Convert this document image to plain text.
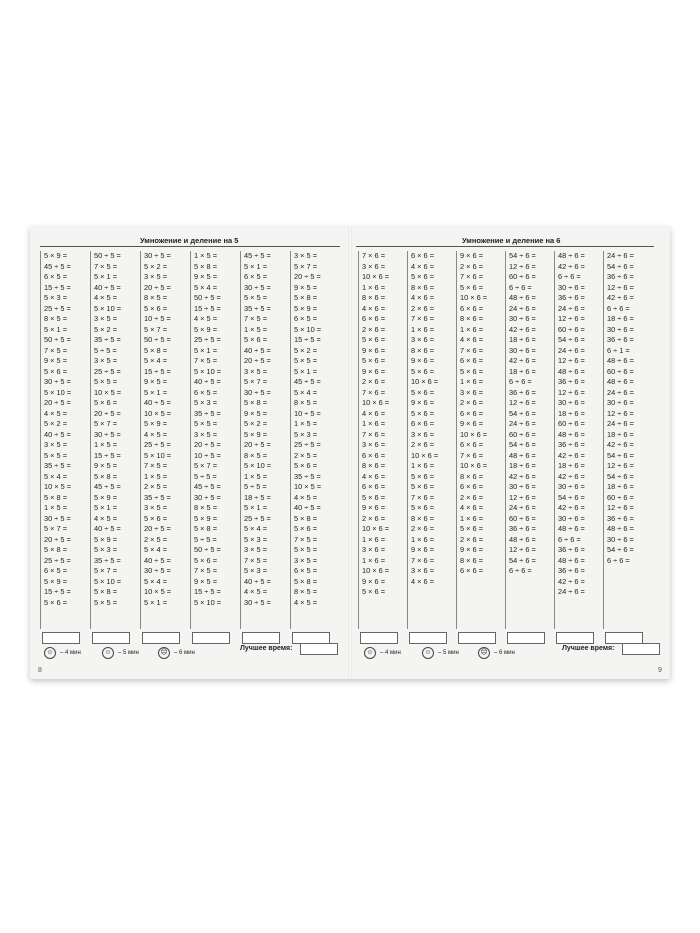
Умножение и деление на 5
5 × 9 =
45 ÷ 5 =
6 × 5 =
15 ÷ 5 =
5 × 3 =
25 ÷ 5 =
8 × 5 =
5 × 1 =
50 ÷ 5 =
7 × 5 =
9 × 5 =
5 × 6 =
30 ÷ 5 =
5 × 10 =
20 ÷ 5 =
4 × 5 =
5 × 2 =
40 ÷ 5 =
3 × 5 =
5 × 5 =
35 ÷ 5 =
5 × 4 =
10 × 5 =
5 × 8 =
1 × 5 =
30 ÷ 5 =
5 × 7 =
20 ÷ 5 =
5 × 8 =
25 ÷ 5 =
6 × 5 =
5 × 9 =
15 ÷ 5 =
5 × 6 =
50 ÷ 5 =
7 × 5 =
5 × 1 =
40 ÷ 5 =
4 × 5 =
5 × 10 =
3 × 5 =
5 × 2 =
35 ÷ 5 =
5 ÷ 5 =
3 × 5 =
25 ÷ 5 =
5 × 5 =
10 × 5 =
5 × 6 =
20 ÷ 5 =
5 × 7 =
30 ÷ 5 =
1 × 5 =
15 ÷ 5 =
9 × 5 =
5 × 8 =
45 ÷ 5 =
5 × 9 =
5 × 1 =
4 × 5 =
40 ÷ 5 =
5 × 9 =
5 × 3 =
35 ÷ 5 =
5 × 7 =
5 × 10 =
5 × 8 =
5 × 5 =
30 ÷ 5 =
5 × 2 =
3 × 5 =
20 ÷ 5 =
8 × 5 =
5 × 6 =
10 ÷ 5 =
5 × 7 =
50 ÷ 5 =
5 × 8 =
5 × 4 =
15 ÷ 5 =
9 × 5 =
5 × 1 =
40 ÷ 5 =
10 × 5 =
5 × 9 =
4 × 5 =
25 ÷ 5 =
5 × 10 =
7 × 5 =
1 × 5 =
2 × 5 =
35 ÷ 5 =
3 × 5 =
5 × 6 =
20 ÷ 5 =
2 × 5 =
5 × 4 =
40 ÷ 5 =
30 ÷ 5 =
5 × 4 =
10 × 5 =
5 × 1 =
1 × 5 =
5 × 8 =
9 × 5 =
5 × 4 =
50 ÷ 5 =
15 ÷ 5 =
4 × 5 =
5 × 9 =
25 ÷ 5 =
5 × 1 =
7 × 5 =
5 × 10 =
40 ÷ 5 =
6 × 5 =
5 × 3 =
35 ÷ 5 =
5 × 5 =
3 × 5 =
20 ÷ 5 =
10 ÷ 5 =
5 × 7 =
5 ÷ 5 =
45 ÷ 5 =
30 ÷ 5 =
8 × 5 =
5 × 9 =
5 × 8 =
5 ÷ 5 =
50 ÷ 5 =
5 × 6 =
7 × 5 =
9 × 5 =
15 ÷ 5 =
5 × 10 =
45 ÷ 5 =
5 × 1 =
6 × 5 =
30 ÷ 5 =
5 × 5 =
35 ÷ 5 =
7 × 5 =
1 × 5 =
5 × 6 =
40 ÷ 5 =
20 ÷ 5 =
3 × 5 =
5 × 7 =
30 ÷ 5 =
5 × 8 =
9 × 5 =
5 × 2 =
5 × 9 =
20 ÷ 5 =
8 × 5 =
5 × 10 =
1 × 5 =
5 ÷ 5 =
18 ÷ 5 =
5 × 1 =
25 ÷ 5 =
5 × 4 =
5 × 3 =
3 × 5 =
7 × 5 =
5 × 3 =
40 ÷ 5 =
4 × 5 =
30 ÷ 5 =
3 × 5 =
5 × 7 =
20 ÷ 5 =
9 × 5 =
5 × 8 =
5 × 9 =
6 × 5 =
5 × 10 =
15 ÷ 5 =
5 × 2 =
5 × 5 =
5 × 1 =
45 ÷ 5 =
5 × 4 =
8 × 5 =
10 ÷ 5 =
1 × 5 =
5 × 3 =
25 ÷ 5 =
2 × 5 =
5 × 6 =
35 ÷ 5 =
10 × 5 =
4 × 5 =
40 ÷ 5 =
5 × 8 =
5 × 6 =
7 × 5 =
5 × 5 =
3 × 5 =
6 × 5 =
5 × 8 =
8 × 5 =
4 × 5 =
☺	– 4 мин	☺	– 5 мин	☹	– 6 мин
Лучшее время:
8
Умножение и деление на 6
7 × 6 =
3 × 6 =
10 × 6 =
1 × 6 =
8 × 6 =
4 × 6 =
6 × 6 =
2 × 6 =
5 × 6 =
9 × 6 =
5 × 6 =
9 × 6 =
2 × 6 =
7 × 6 =
10 × 6 =
4 × 6 =
1 × 6 =
7 × 6 =
3 × 6 =
6 × 6 =
8 × 6 =
4 × 6 =
6 × 6 =
5 × 6 =
9 × 6 =
2 × 6 =
10 × 6 =
1 × 6 =
3 × 6 =
1 × 6 =
10 × 6 =
9 × 6 =
5 × 6 =
6 × 6 =
4 × 6 =
5 × 6 =
8 × 6 =
4 × 6 =
2 × 6 =
7 × 6 =
1 × 6 =
3 × 6 =
8 × 6 =
9 × 6 =
5 × 6 =
10 × 6 =
5 × 6 =
9 × 6 =
5 × 6 =
6 × 6 =
3 × 6 =
2 × 6 =
10 × 6 =
1 × 6 =
5 × 6 =
5 × 6 =
7 × 6 =
5 × 6 =
8 × 6 =
2 × 6 =
1 × 6 =
9 × 6 =
7 × 6 =
3 × 6 =
4 × 6 =
9 × 6 =
2 × 6 =
7 × 6 =
5 × 6 =
10 × 6 =
6 × 6 =
8 × 6 =
1 × 6 =
4 × 6 =
7 × 6 =
6 × 6 =
5 × 6 =
1 × 6 =
3 × 6 =
2 × 6 =
6 × 6 =
9 × 6 =
10 × 6 =
6 × 6 =
7 × 6 =
10 × 6 =
8 × 6 =
6 × 6 =
2 × 6 =
4 × 6 =
1 × 6 =
5 × 6 =
2 × 6 =
9 × 6 =
8 × 6 =
6 × 6 =
54 ÷ 6 =
12 ÷ 6 =
60 ÷ 6 =
6 ÷ 6 =
48 ÷ 6 =
24 ÷ 6 =
30 ÷ 6 =
42 ÷ 6 =
18 ÷ 6 =
30 ÷ 6 =
42 ÷ 6 =
18 ÷ 6 =
6 ÷ 6 =
36 ÷ 6 =
12 ÷ 6 =
54 ÷ 6 =
24 ÷ 6 =
60 ÷ 6 =
54 ÷ 6 =
48 ÷ 6 =
18 ÷ 6 =
42 ÷ 6 =
30 ÷ 6 =
12 ÷ 6 =
24 ÷ 6 =
60 ÷ 6 =
36 ÷ 6 =
48 ÷ 6 =
12 ÷ 6 =
54 ÷ 6 =
6 ÷ 6 =
48 ÷ 6 =
42 ÷ 6 =
6 ÷ 6 =
30 ÷ 6 =
36 ÷ 6 =
24 ÷ 6 =
12 ÷ 6 =
60 ÷ 6 =
54 ÷ 6 =
24 ÷ 6 =
12 ÷ 6 =
48 ÷ 6 =
36 ÷ 6 =
12 ÷ 6 =
30 ÷ 6 =
18 ÷ 6 =
60 ÷ 6 =
48 ÷ 6 =
36 ÷ 6 =
42 ÷ 6 =
18 ÷ 6 =
42 ÷ 6 =
30 ÷ 6 =
54 ÷ 6 =
42 ÷ 6 =
30 ÷ 6 =
48 ÷ 6 =
6 ÷ 6 =
36 ÷ 6 =
48 ÷ 6 =
36 ÷ 6 =
42 ÷ 6 =
24 ÷ 6 =
24 ÷ 6 =
54 ÷ 6 =
36 ÷ 6 =
12 ÷ 6 =
42 ÷ 6 =
6 ÷ 6 =
18 ÷ 6 =
30 ÷ 6 =
36 ÷ 6 =
6 ÷ 1 =
48 ÷ 6 =
60 ÷ 6 =
48 ÷ 6 =
24 ÷ 6 =
30 ÷ 6 =
12 ÷ 6 =
24 ÷ 6 =
18 ÷ 6 =
42 ÷ 6 =
54 ÷ 6 =
12 ÷ 6 =
54 ÷ 6 =
18 ÷ 6 =
60 ÷ 6 =
12 ÷ 6 =
36 ÷ 6 =
48 ÷ 6 =
30 ÷ 6 =
54 ÷ 6 =
6 ÷ 6 =
☺	– 4 мин	☺	– 5 мин	☹	– 6 мин
Лучшее время:
9
